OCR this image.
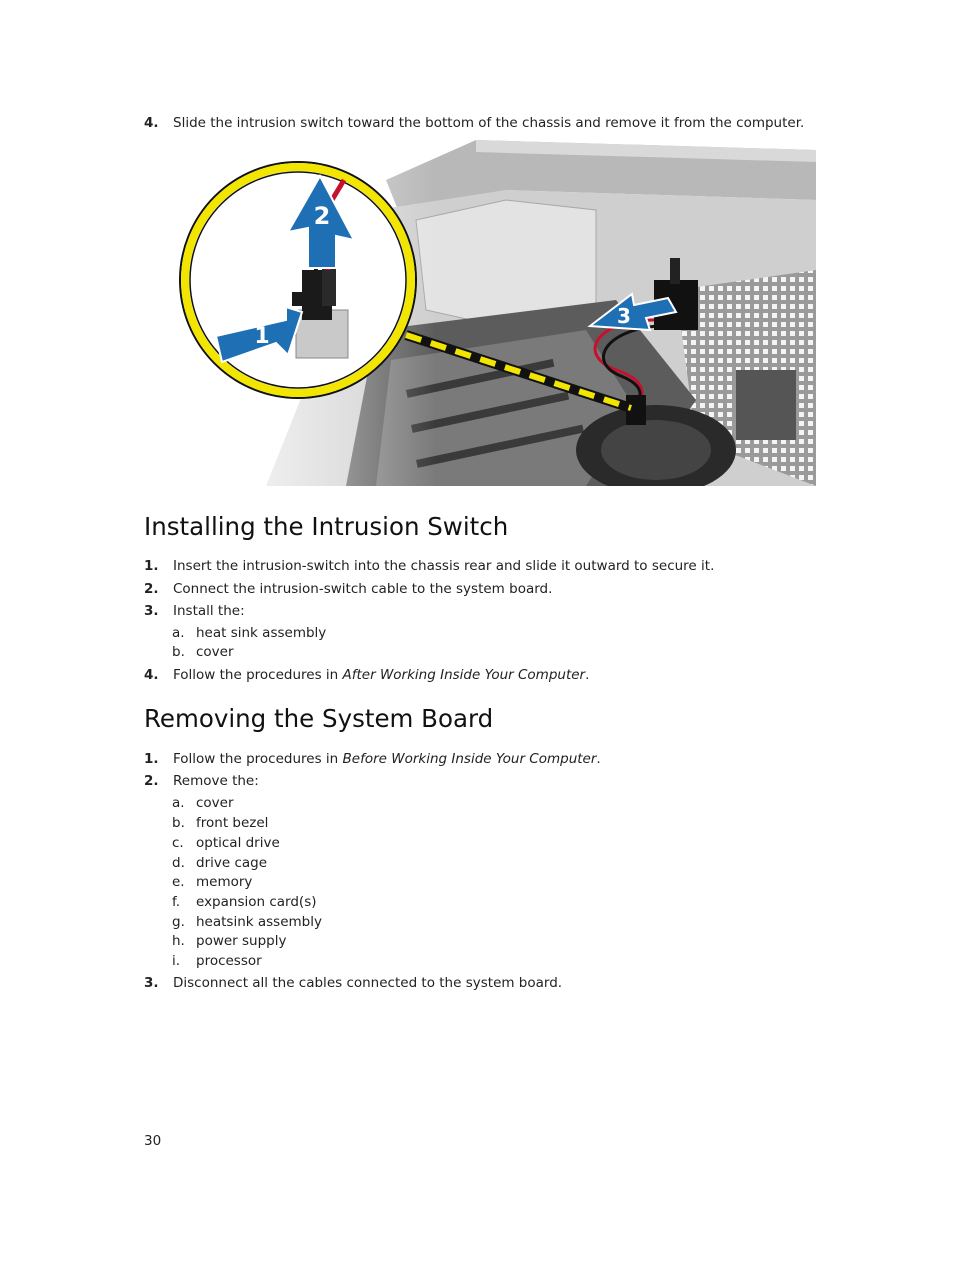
4. Slide the intrusion switch toward the bottom of the chassis and remove it from the computer.
1
2
3
Installing the Intrusion Switch
1. Insert the intrusion-switch into the chassis rear and slide it outward to secure it.
2. Connect the intrusion-switch cable to the system board.
3. Install the:
a. heat sink assembly
b. cover
4. Follow the procedures in After Working Inside Your Computer.
Removing the System Board
1. Follow the procedures in Before Working Inside Your Computer.
2. Remove the:
a. cover
b. front bezel
c. optical drive
d. drive cage
e. memory
f. expansion card(s)
g. heatsink assembly
h. power supply
i. processor
3. Disconnect all the cables connected to the system board.
30
